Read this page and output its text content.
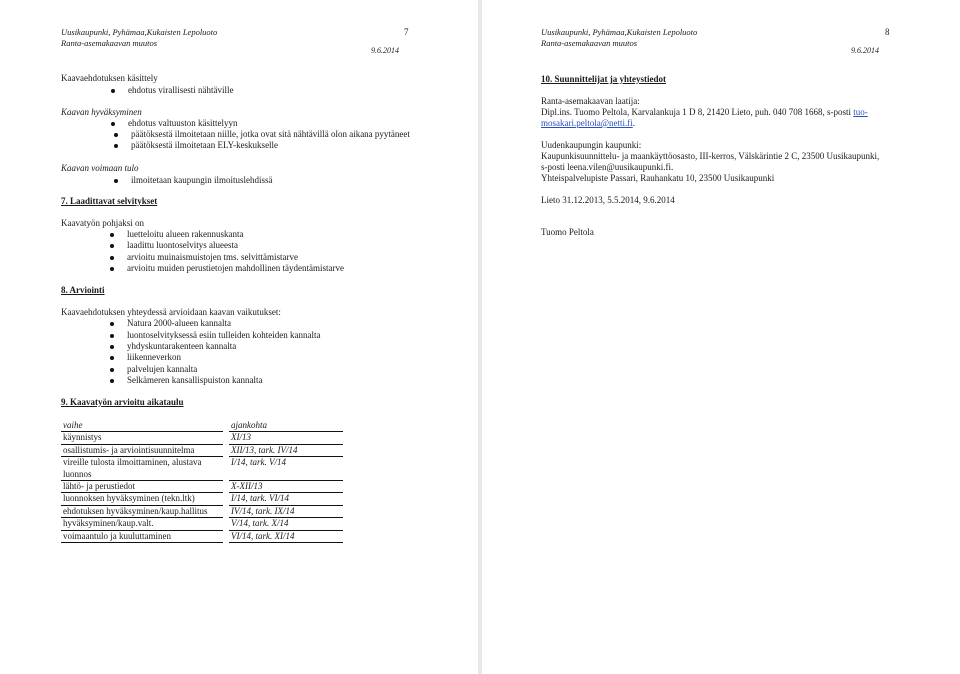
Uusikaupunki, Pyhämaa,Kukaisten Lepoluoto
Ranta-asemakaavan muutos
7
9.6.2014
Kaavaehdotuksen käsittely
ehdotus virallisesti nähtäville
Kaavan hyväksyminen
ehdotus valtuuston käsittelyyn
päätöksestä ilmoitetaan niille, jotka ovat sitä nähtävillä olon aikana pyytäneet
päätöksestä ilmoitetaan ELY-keskukselle
Kaavan voimaan tulo
ilmoitetaan kaupungin ilmoituslehdissä
7. Laadittavat selvitykset
Kaavatyön pohjaksi on
luetteloitu alueen rakennuskanta
laadittu luontoselvitys alueesta
arvioitu muinaismuistojen tms. selvittämistarve
arvioitu muiden perustietojen mahdollinen täydentämistarve
8. Arviointi
Kaavaehdotuksen yhteydessä arvioidaan kaavan vaikutukset:
Natura 2000-alueen kannalta
luontoselvityksessä esiin tulleiden kohteiden kannalta
yhdyskuntarakenteen kannalta
liikenneverkon
palvelujen kannalta
Selkämeren kansallispuiston kannalta
9. Kaavatyön arvioitu aikataulu
vaihe	ajankohta
käynnistys	XI/13
osallistumis- ja arviointisuunnitelma	XII/13, tark. IV/14
vireille tulosta ilmoittaminen, alustava luonnos	I/14, tark. V/14
lähtö- ja perustiedot	X-XII/13
luonnoksen hyväksyminen (tekn.ltk)	I/14, tark. VI/14
ehdotuksen hyväksyminen/kaup.hallitus	IV/14, tark. IX/14
hyväksyminen/kaup.valt.	V/14, tark. X/14
voimaantulo ja kuuluttaminen	VI/14, tark. XI/14
Uusikaupunki, Pyhämaa,Kukaisten Lepoluoto
Ranta-asemakaavan muutos
8
9.6.2014
10. Suunnittelijat ja yhteystiedot
Ranta-asemakaavan laatija:
Dipl.ins. Tuomo Peltola, Karvalankuja 1 D 8, 21420 Lieto, puh. 040 708 1668, s-posti tuo-
mosakari.peltola@netti.fi.
Uudenkaupungin kaupunki:
Kaupunkisuunnittelu- ja maankäyttöosasto, III-kerros, Välskärintie 2 C, 23500 Uusikaupunki,
s-posti leena.vilen@uusikaupunki.fi.
Yhteispalvelupiste Passari, Rauhankatu 10, 23500 Uusikaupunki
Lieto 31.12.2013, 5.5.2014, 9.6.2014
Tuomo Peltola
